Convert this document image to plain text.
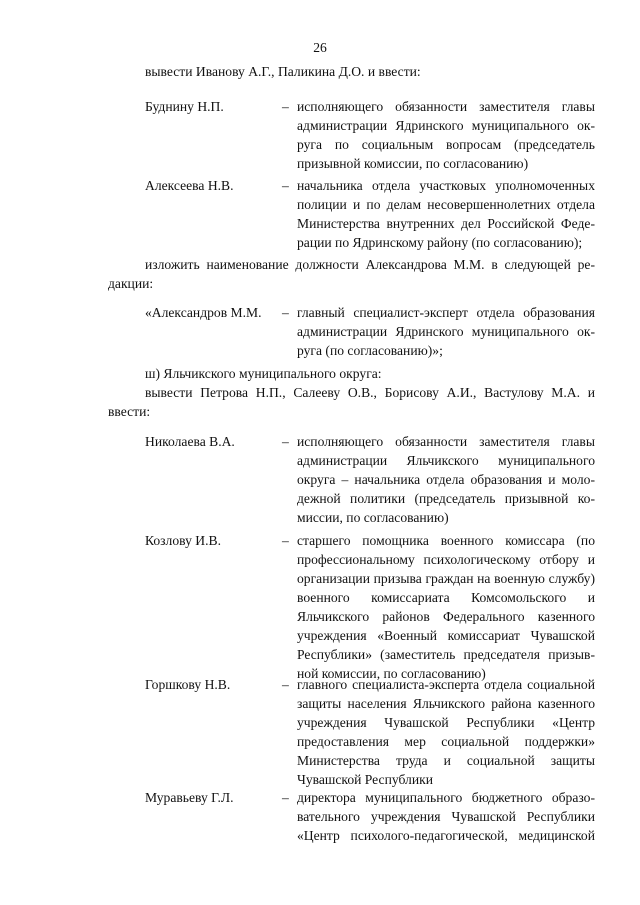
26
вывести Иванову А.Г., Паликина Д.О. и ввести:
Буднину Н.П.	– исполняющего обязанности заместителя главы администрации Ядринского муниципального округа по социальным вопросам (председатель призывной комиссии, по согласованию)
Алексеева Н.В.	– начальника отдела участковых уполномоченных полиции и по делам несовершеннолетних отдела Министерства внутренних дел Российской Федерации по Ядринскому району (по согласованию);
изложить наименование должности Александрова М.М. в следующей ре-
дакции:
«Александров М.М. – главный специалист-эксперт отдела образования администрации Ядринского муниципального округа (по согласованию)»;
ш) Яльчикского муниципального округа:
вывести Петрова Н.П., Салееву О.В., Борисову А.И., Вастулову М.А. и
ввести:
Николаева В.А.	– исполняющего обязанности заместителя главы администрации Яльчикского муниципального округа – начальника отдела образования и молодежной политики (председатель призывной комиссии, по согласованию)
Козлову И.В.	– старшего помощника военного комиссара (по профессиональному психологическому отбору и организации призыва граждан на военную службу) военного комиссариата Комсомольского и Яльчикского районов Федерального казенного учреждения «Военный комиссариат Чувашской Республики» (заместитель председателя призывной комиссии, по согласованию)
Горшкову Н.В.	– главного специалиста-эксперта отдела социальной защиты населения Яльчикского района казенного учреждения Чувашской Республики «Центр предоставления мер социальной поддержки» Министерства труда и социальной защиты Чувашской Республики
Муравьеву Г.Л.	– директора муниципального бюджетного образовательного учреждения Чувашской Республики «Центр психолого-педагогической, медицинской
